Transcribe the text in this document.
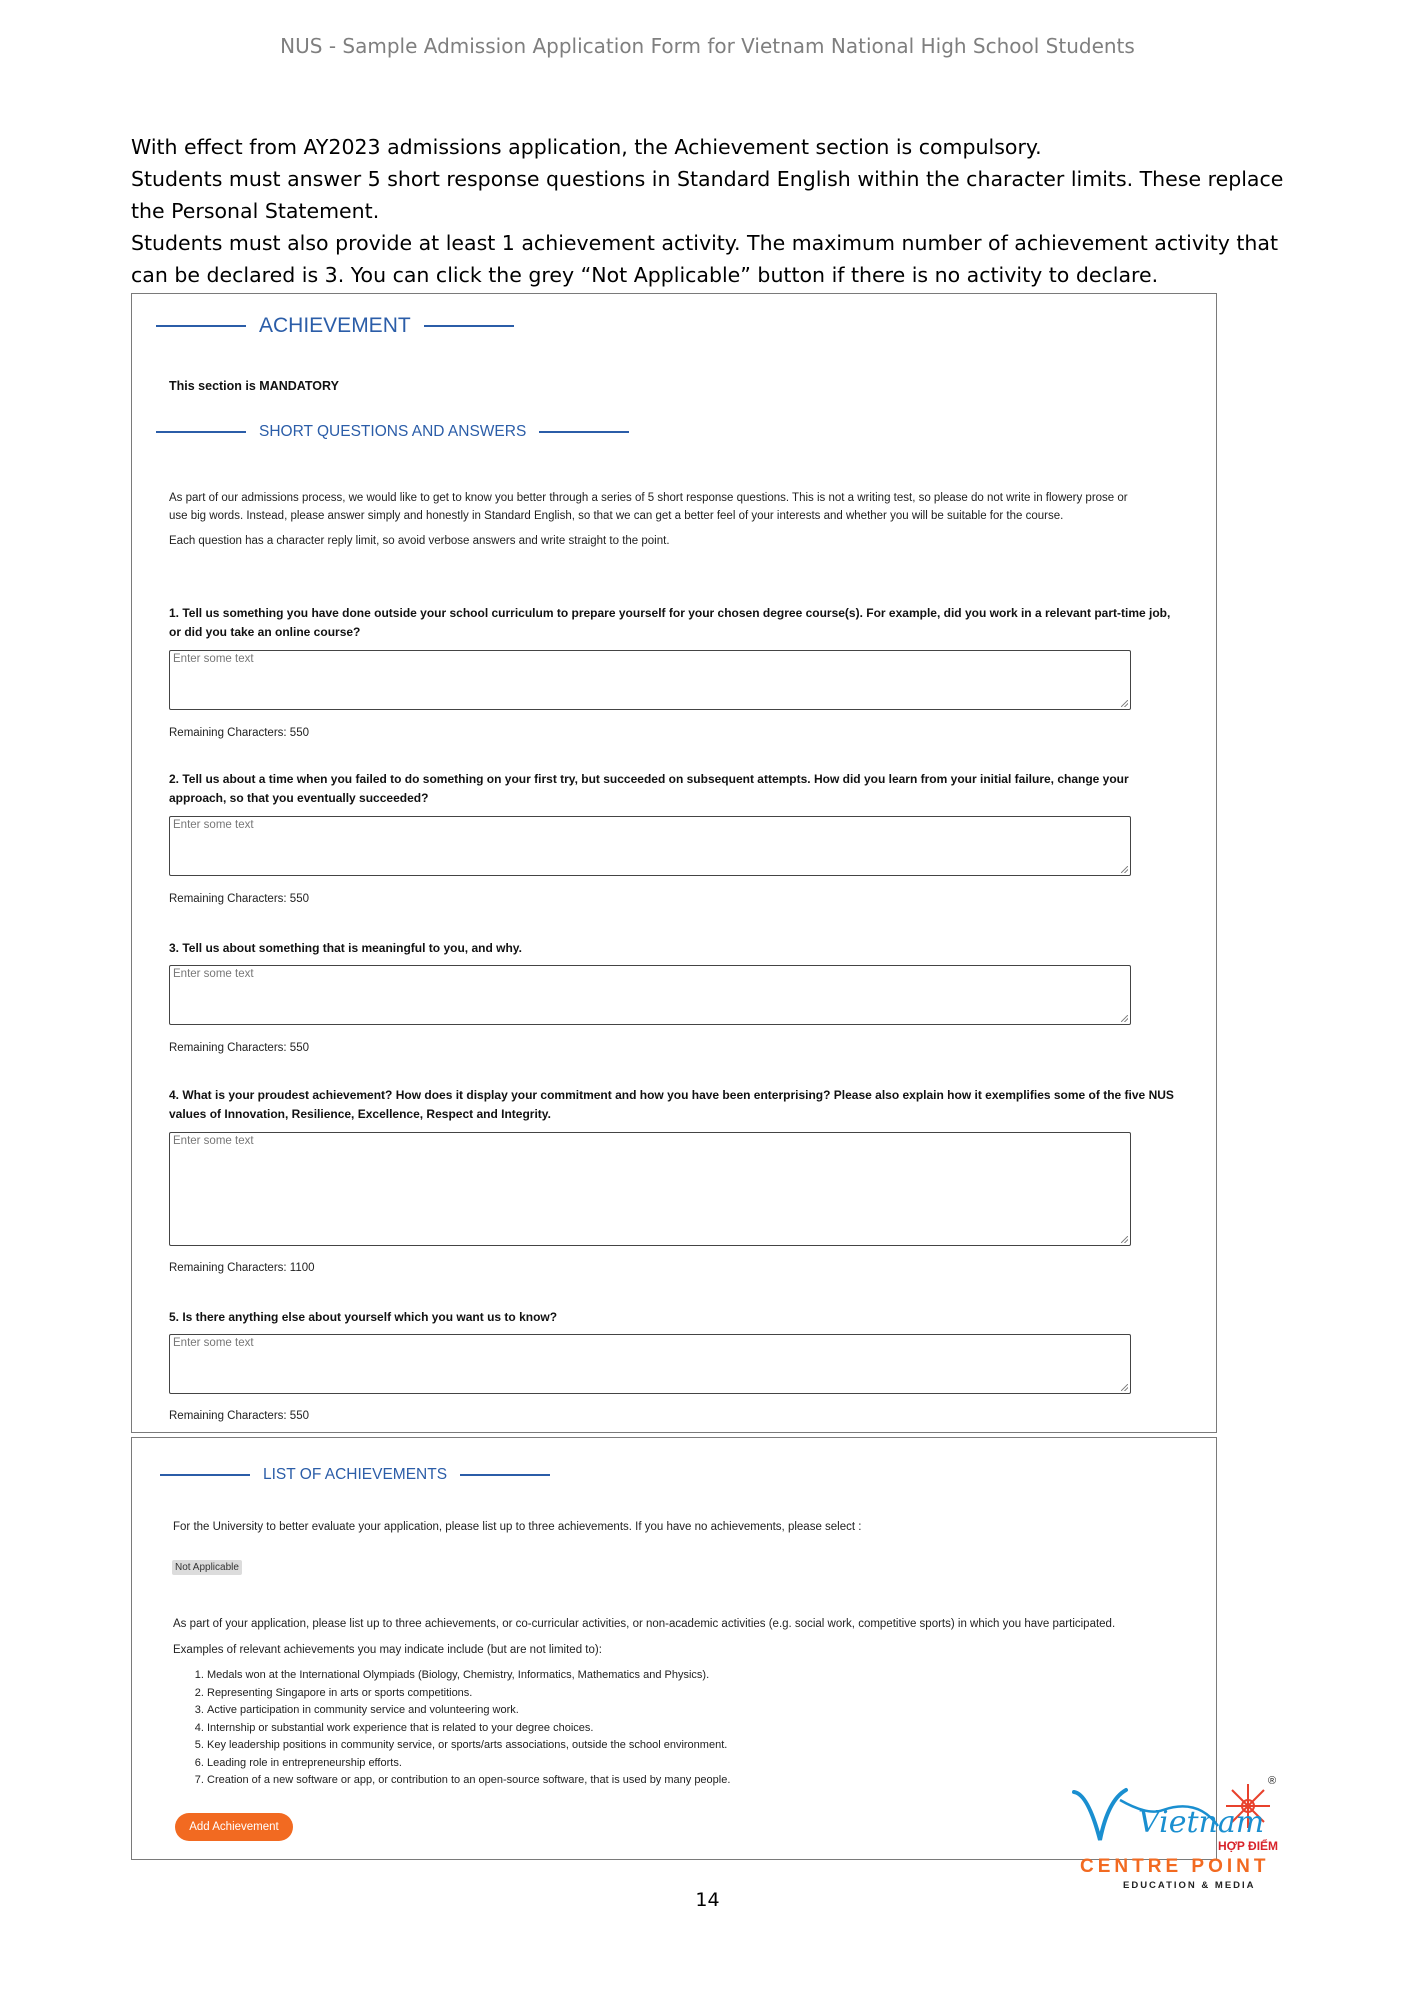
NUS - Sample Admission Application Form for Vietnam National High School Students

With effect from AY2023 admissions application, the Achievement section is compulsory.

Students must answer 5 short response questions in Standard English within the character limits. These replace the Personal Statement.

Students must also provide at least 1 achievement activity. The maximum number of achievement activity that can be declared is 3. You can click the grey “Not Applicable” button if there is no activity to declare.

ACHIEVEMENT
This section is MANDATORY
SHORT QUESTIONS AND ANSWERS

As part of our admissions process, we would like to get to know you better through a series of 5 short response questions. This is not a writing test, so please do not write in flowery prose or use big words. Instead, please answer simply and honestly in Standard English, so that we can get a better feel of your interests and whether you will be suitable for the course.

Each question has a character reply limit, so avoid verbose answers and write straight to the point.

1. Tell us something you have done outside your school curriculum to prepare yourself for your chosen degree course(s). For example, did you work in a relevant part-time job, or did you take an online course?
Enter some text
Remaining Characters: 550
2. Tell us about a time when you failed to do something on your first try, but succeeded on subsequent attempts. How did you learn from your initial failure, change your approach, so that you eventually succeeded?
Enter some text
Remaining Characters: 550
3. Tell us about something that is meaningful to you, and why.
Enter some text
Remaining Characters: 550
4. What is your proudest achievement? How does it display your commitment and how you have been enterprising? Please also explain how it exemplifies some of the five NUS values of Innovation, Resilience, Excellence, Respect and Integrity.
Enter some text
Remaining Characters: 1100
5. Is there anything else about yourself which you want us to know?
Enter some text
Remaining Characters: 550
LIST OF ACHIEVEMENTS
For the University to better evaluate your application, please list up to three achievements. If you have no achievements, please select :
Not Applicable
As part of your application, please list up to three achievements, or co-curricular activities, or non-academic activities (e.g. social work, competitive sports) in which you have participated.
Examples of relevant achievements you may indicate include (but are not limited to):
1. Medals won at the International Olympiads (Biology, Chemistry, Informatics, Mathematics and Physics).
2. Representing Singapore in arts or sports competitions.
3. Active participation in community service and volunteering work.
4. Internship or substantial work experience that is related to your degree choices.
5. Key leadership positions in community service, or sports/arts associations, outside the school environment.
6. Leading role in entrepreneurship efforts.
7. Creation of a new software or app, or contribution to an open-source software, that is used by many people.
Add Achievement
14
®
Vietnam
HỢP ĐIỂM
CENTRE POINT
EDUCATION & MEDIA
